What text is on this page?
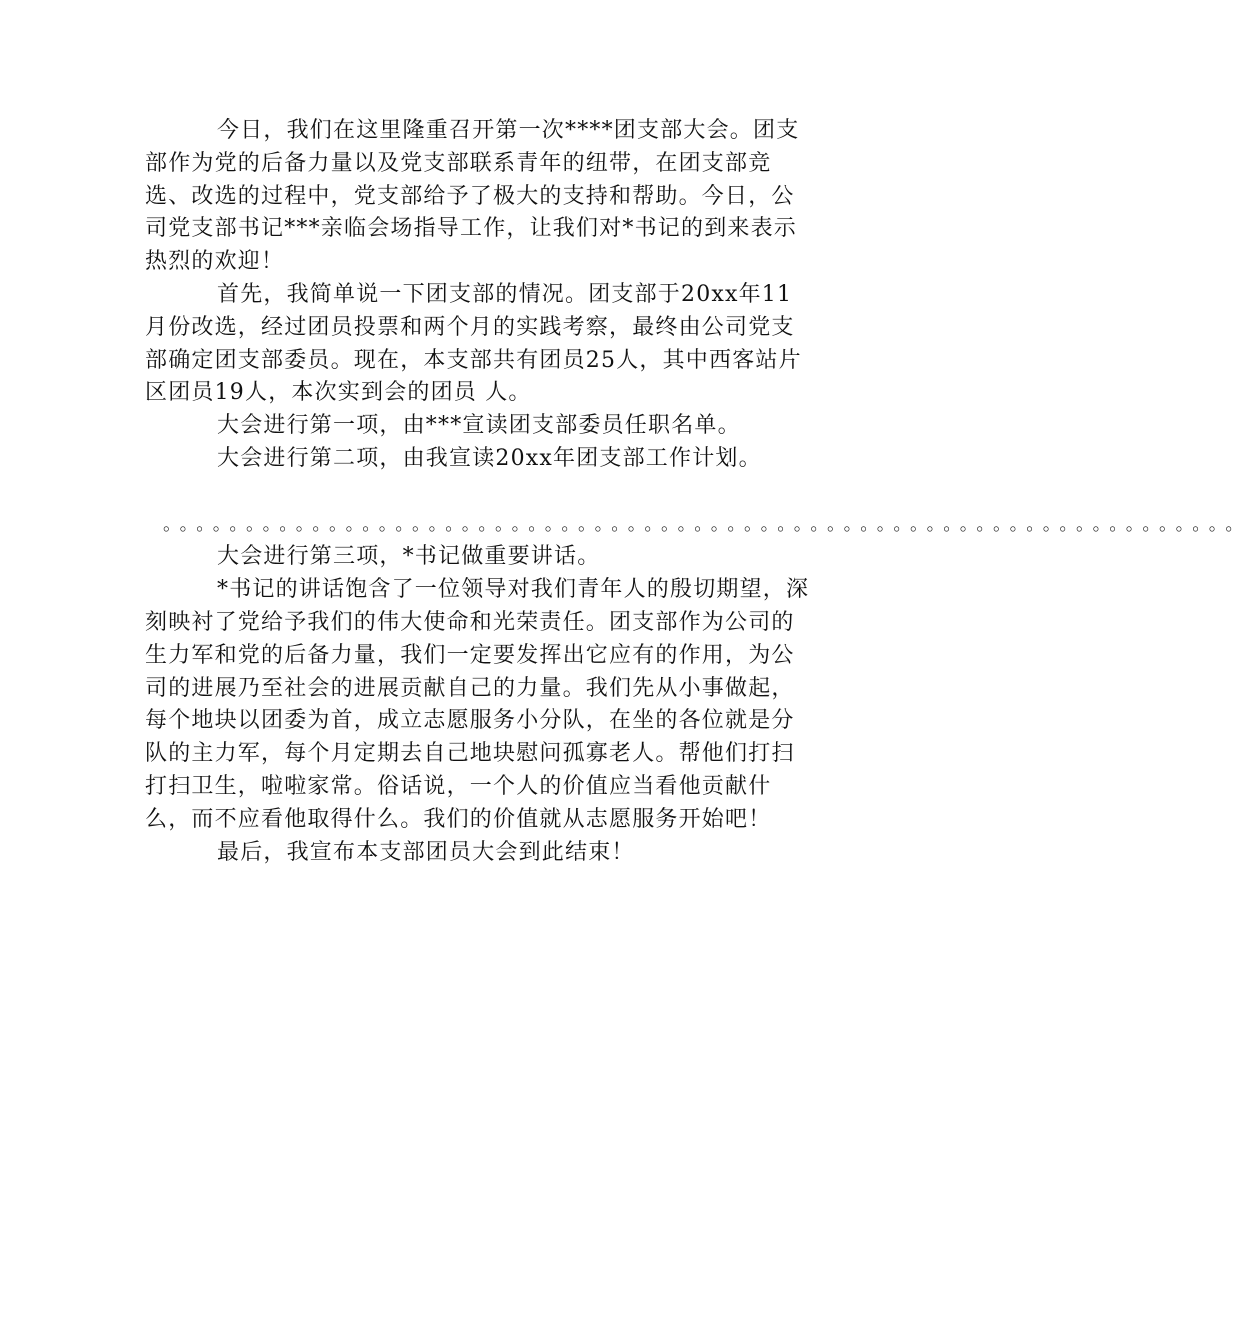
今日，我们在这里隆重召开第一次****团支部大会。团支部作为党的后备力量以及党支部联系青年的纽带，在团支部竞选、改选的过程中，党支部给予了极大的支持和帮助。今日，公司党支部书记***亲临会场指导工作，让我们对*书记的到来表示热烈的欢迎！

首先，我简单说一下团支部的情况。团支部于20xx年11月份改选，经过团员投票和两个月的实践考察，最终由公司党支部确定团支部委员。现在，本支部共有团员25人，其中西客站片区团员19人，本次实到会的团员 人。

大会进行第一项，由***宣读团支部委员任职名单。

大会进行第二项，由我宣读20xx年团支部工作计划。

。。。。。。。。。。。。。。。。。。。。。。。。。。。。。。。。。。。。。。。。。。。。。。。。。。。。。。。。。。。。。。。。。

大会进行第三项，*书记做重要讲话。

*书记的讲话饱含了一位领导对我们青年人的殷切期望，深刻映衬了党给予我们的伟大使命和光荣责任。团支部作为公司的生力军和党的后备力量，我们一定要发挥出它应有的作用，为公司的进展乃至社会的进展贡献自己的力量。我们先从小事做起，每个地块以团委为首，成立志愿服务小分队，在坐的各位就是分队的主力军，每个月定期去自己地块慰问孤寡老人。帮他们打扫打扫卫生，啦啦家常。俗话说，一个人的价值应当看他贡献什么，而不应看他取得什么。我们的价值就从志愿服务开始吧！

最后，我宣布本支部团员大会到此结束！
